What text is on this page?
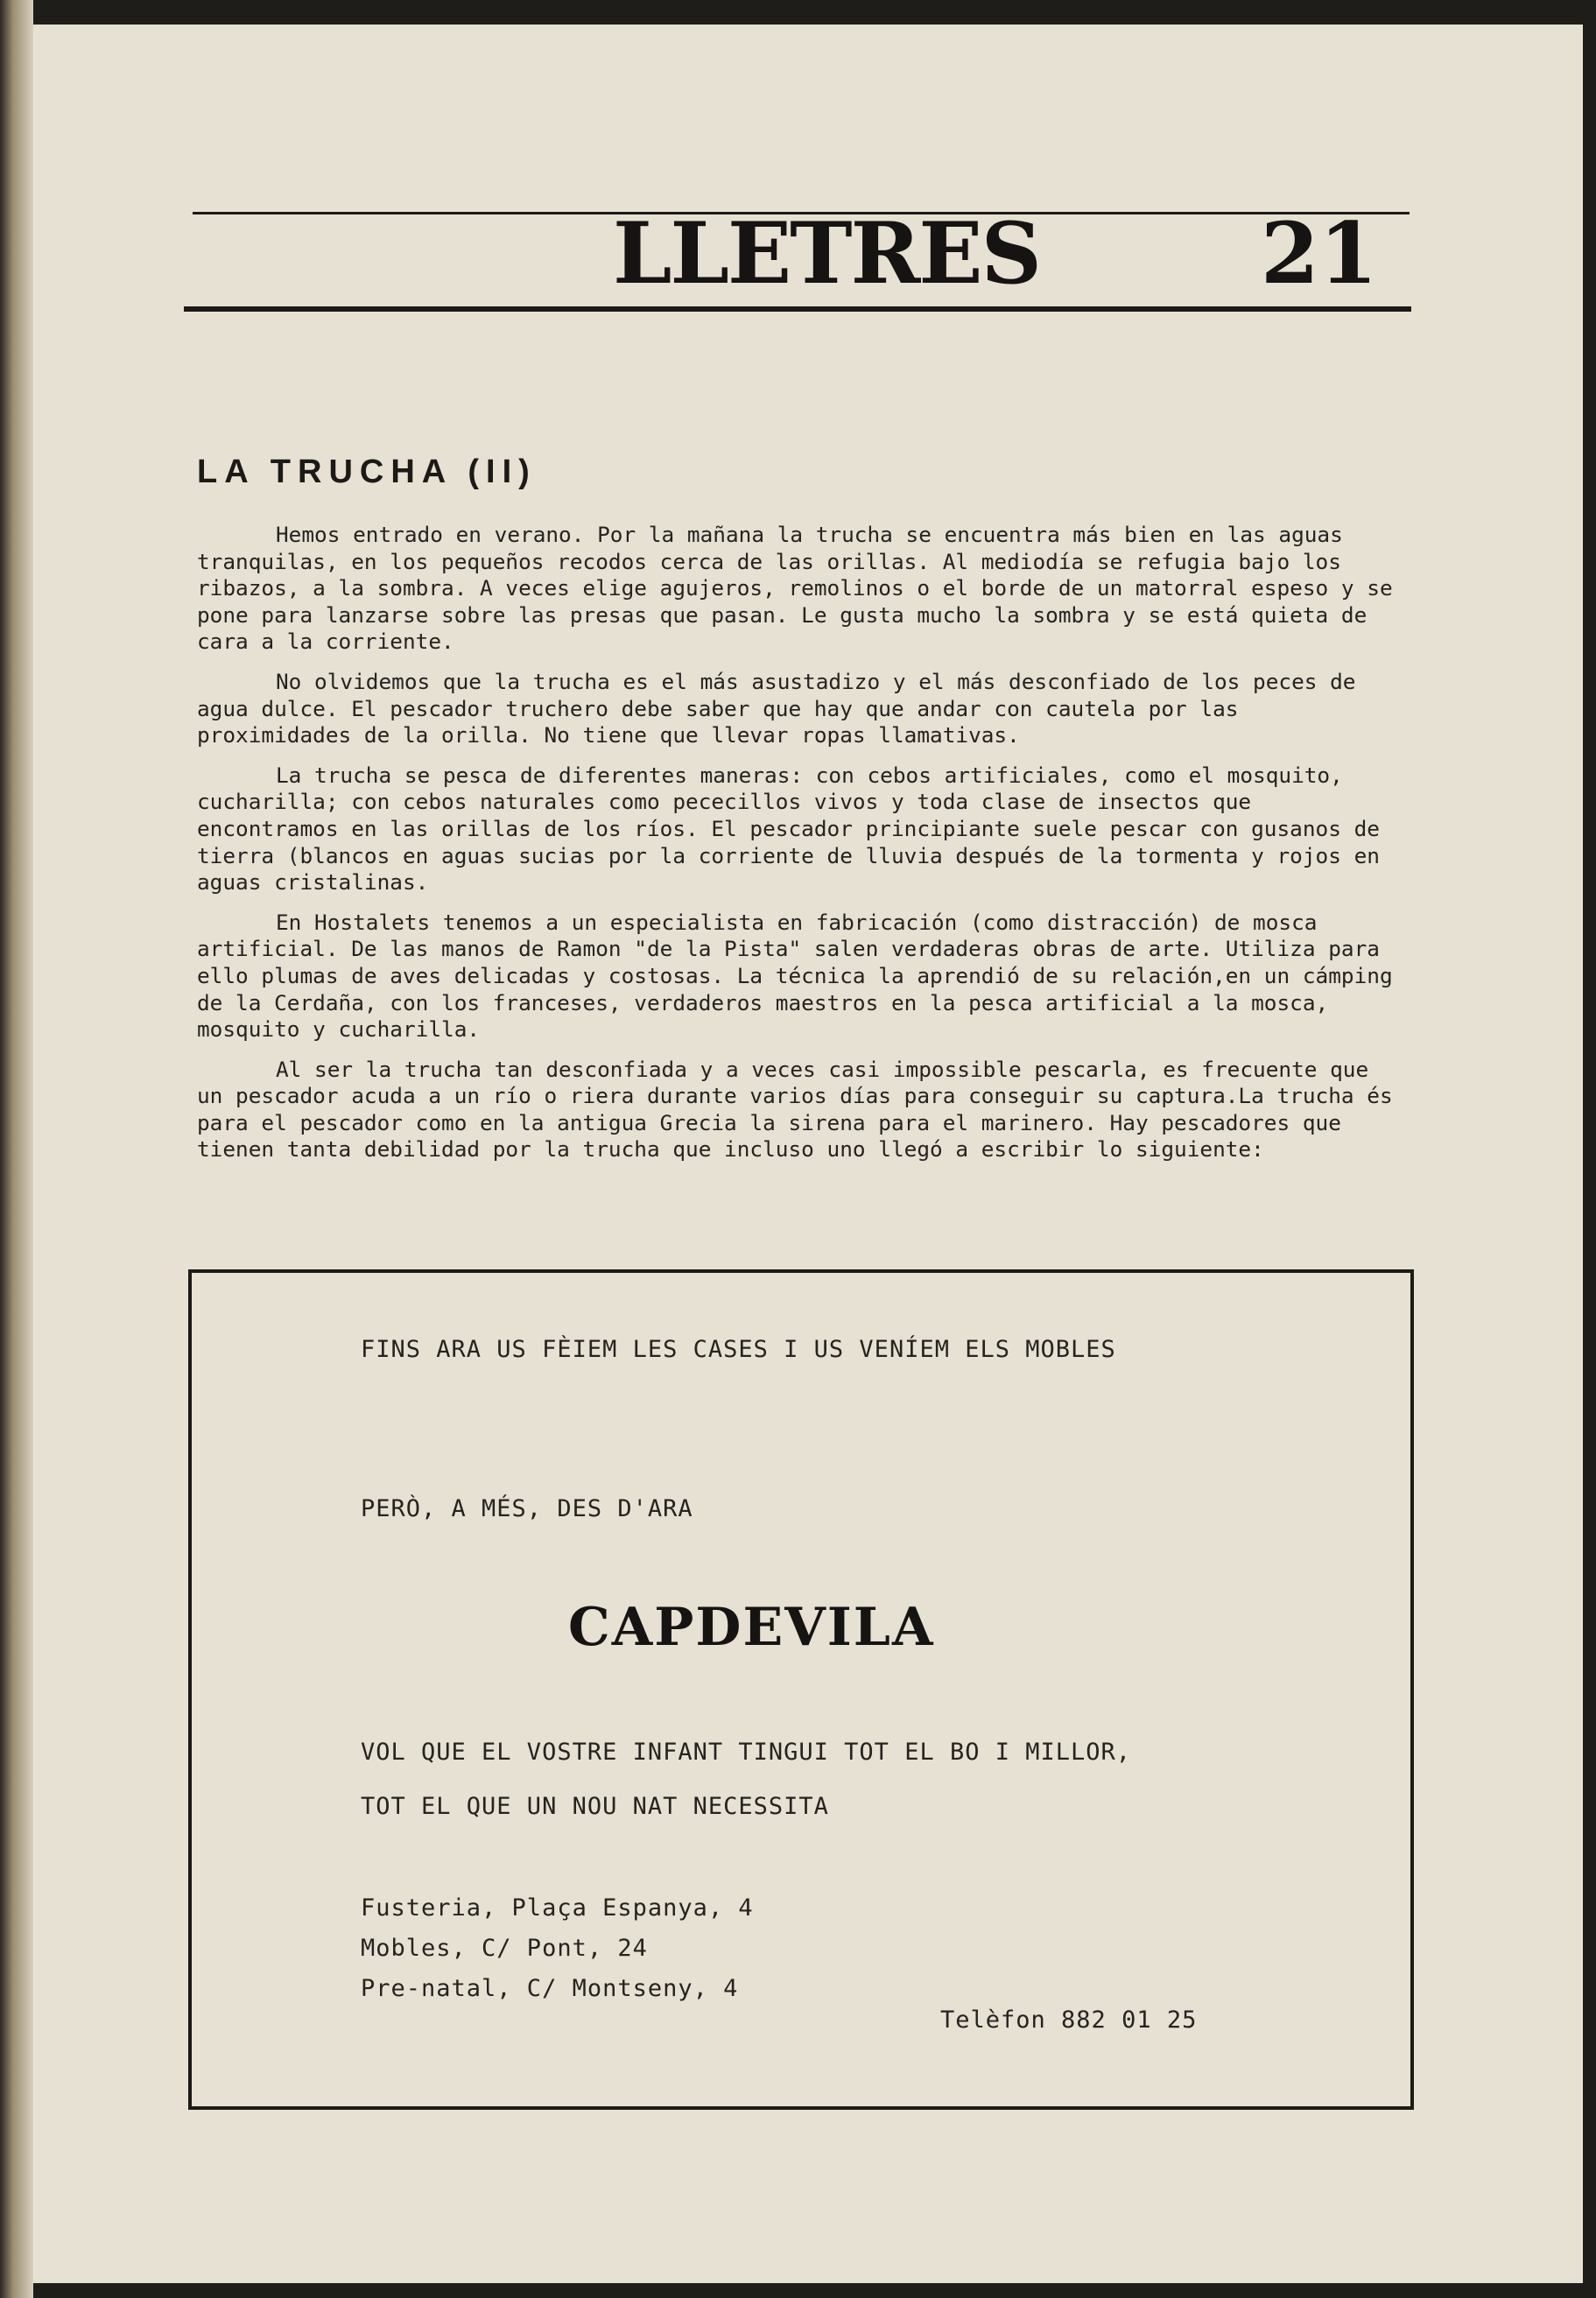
LLETRES	21
LA TRUCHA (II)

Hemos entrado en verano. Por la mañana la trucha se encuentra más bien en las aguas tranquilas, en los pequeños recodos cerca de las orillas. Al mediodía se refugia bajo los ribazos, a la sombra. A veces elige agujeros, remolinos o el borde de un matorral espeso y se pone para lanzarse sobre las presas que pasan. Le gusta mucho la sombra y se está quieta de cara a la corriente.

No olvidemos que la trucha es el más asustadizo y el más desconfiado de los peces de agua dulce. El pescador truchero debe saber que hay que andar con cautela por las proximidades de la orilla. No tiene que llevar ropas llamativas.

La trucha se pesca de diferentes maneras: con cebos artificiales, como el mosquito, cucharilla; con cebos naturales como pececillos vivos y toda clase de insectos que encontramos en las orillas de los ríos. El pescador principiante suele pescar con gusanos de tierra (blancos en aguas sucias por la corriente de lluvia después de la tormenta y rojos en aguas cristalinas.

En Hostalets tenemos a un especialista en fabricación (como distracción) de mosca artificial. De las manos de Ramon "de la Pista" salen verdaderas obras de arte. Utiliza para ello plumas de aves delicadas y costosas. La técnica la aprendió de su relación,en un cámping de la Cerdaña, con los franceses, verdaderos maestros en la pesca artificial a la mosca, mosquito y cucharilla.

Al ser la trucha tan desconfiada y a veces casi impossible pescarla, es frecuente que un pescador acuda a un río o riera durante varios días para conseguir su captura.La trucha és para el pescador como en la antigua Grecia la sirena para el marinero. Hay pescadores que tienen tanta debilidad por la trucha que incluso uno llegó a escribir lo siguiente:

FINS ARA US FÈIEM LES CASES I US VENÍEM ELS MOBLES
PERÒ, A MÉS, DES D'ARA
CAPDEVILA
VOL QUE EL VOSTRE INFANT TINGUI TOT EL BO I MILLOR,
TOT EL QUE UN NOU NAT NECESSITA
Fusteria, Plaça Espanya, 4
Mobles, C/ Pont, 24
Pre-natal, C/ Montseny, 4
Telèfon 882 01 25
